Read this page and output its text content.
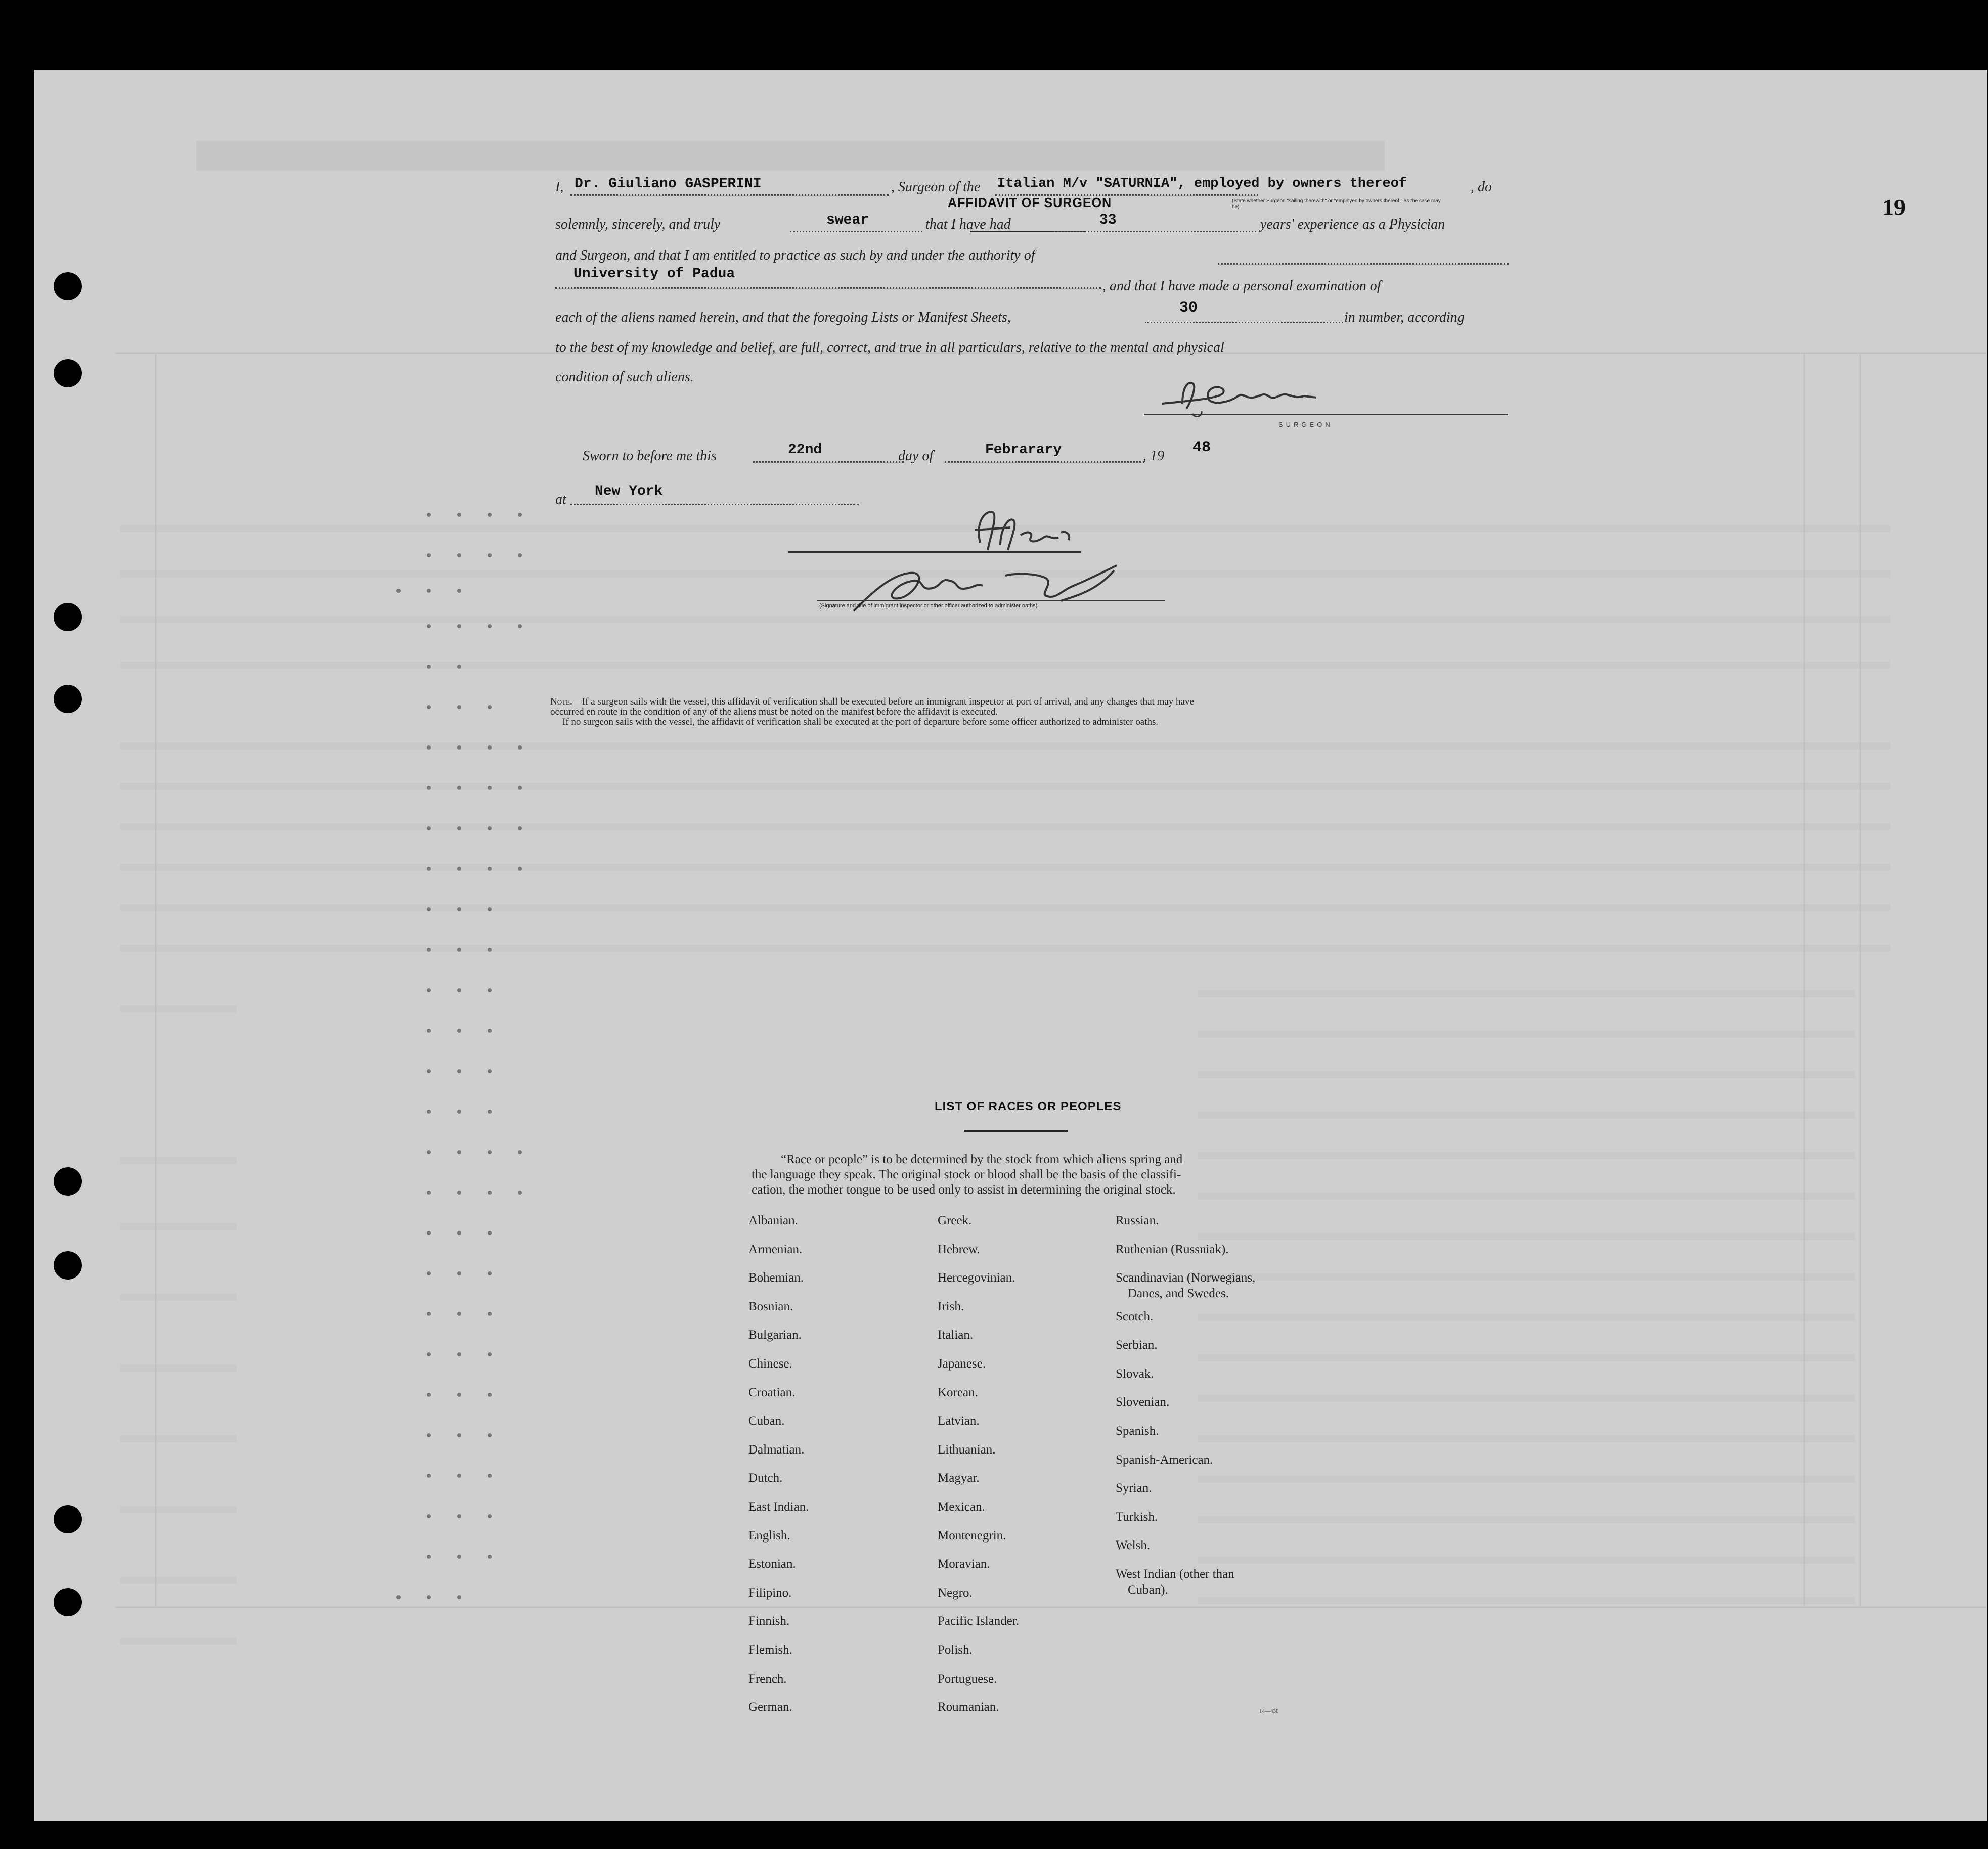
19
AFFIDAVIT OF SURGEON
I, Dr. Giuliano GASPERINI	, Surgeon of the Italian M/v "SATURNIA", employed by owners thereof
(State whether Surgeon "sailing therewith" or "employed by owners thereof," as the case may be)
, do
solemnly, sincerely, and truly	swear	that I have had	33	years' experience as a Physician
and Surgeon, and that I am entitled to practice as such by and under the authority of
University of Padua
, and that I have made a personal examination of
each of the aliens named herein, and that the foregoing Lists or Manifest Sheets,
30
in number, according
to the best of my knowledge and belief, are full, correct, and true in all particulars, relative to the mental and physical
condition of such aliens.
SURGEON
Sworn to before me this	22nd	day of	Febrarary	, 19 48
at
New York
(Signature and title of immigrant inspector or other officer authorized to administer oaths)
Note.—If a surgeon sails with the vessel, this affidavit of verification shall be executed before an immigrant inspector at port of arrival, and any changes that may have
occurred en route in the condition of any of the aliens must be noted on the manifest before the affidavit is executed.
If no surgeon sails with the vessel, the affidavit of verification shall be executed at the port of departure before some officer authorized to administer oaths.
LIST OF RACES OR PEOPLES
“Race or people” is to be determined by the stock from which aliens spring and
the language they speak. The original stock or blood shall be the basis of the classifi-
cation, the mother tongue to be used only to assist in determining the original stock.
Albanian.
Armenian.
Bohemian.
Bosnian.
Bulgarian.
Chinese.
Croatian.
Cuban.
Dalmatian.
Dutch.
East Indian.
English.
Estonian.
Filipino.
Finnish.
Flemish.
French.
German.
Greek.
Hebrew.
Hercegovinian.
Irish.
Italian.
Japanese.
Korean.
Latvian.
Lithuanian.
Magyar.
Mexican.
Montenegrin.
Moravian.
Negro.
Pacific Islander.
Polish.
Portuguese.
Roumanian.
Russian.
Ruthenian (Russniak).
Scandinavian (Norwegians,
Danes, and Swedes.
Scotch.
Serbian.
Slovak.
Slovenian.
Spanish.
Spanish-American.
Syrian.
Turkish.
Welsh.
West Indian (other than
Cuban).
14—430
